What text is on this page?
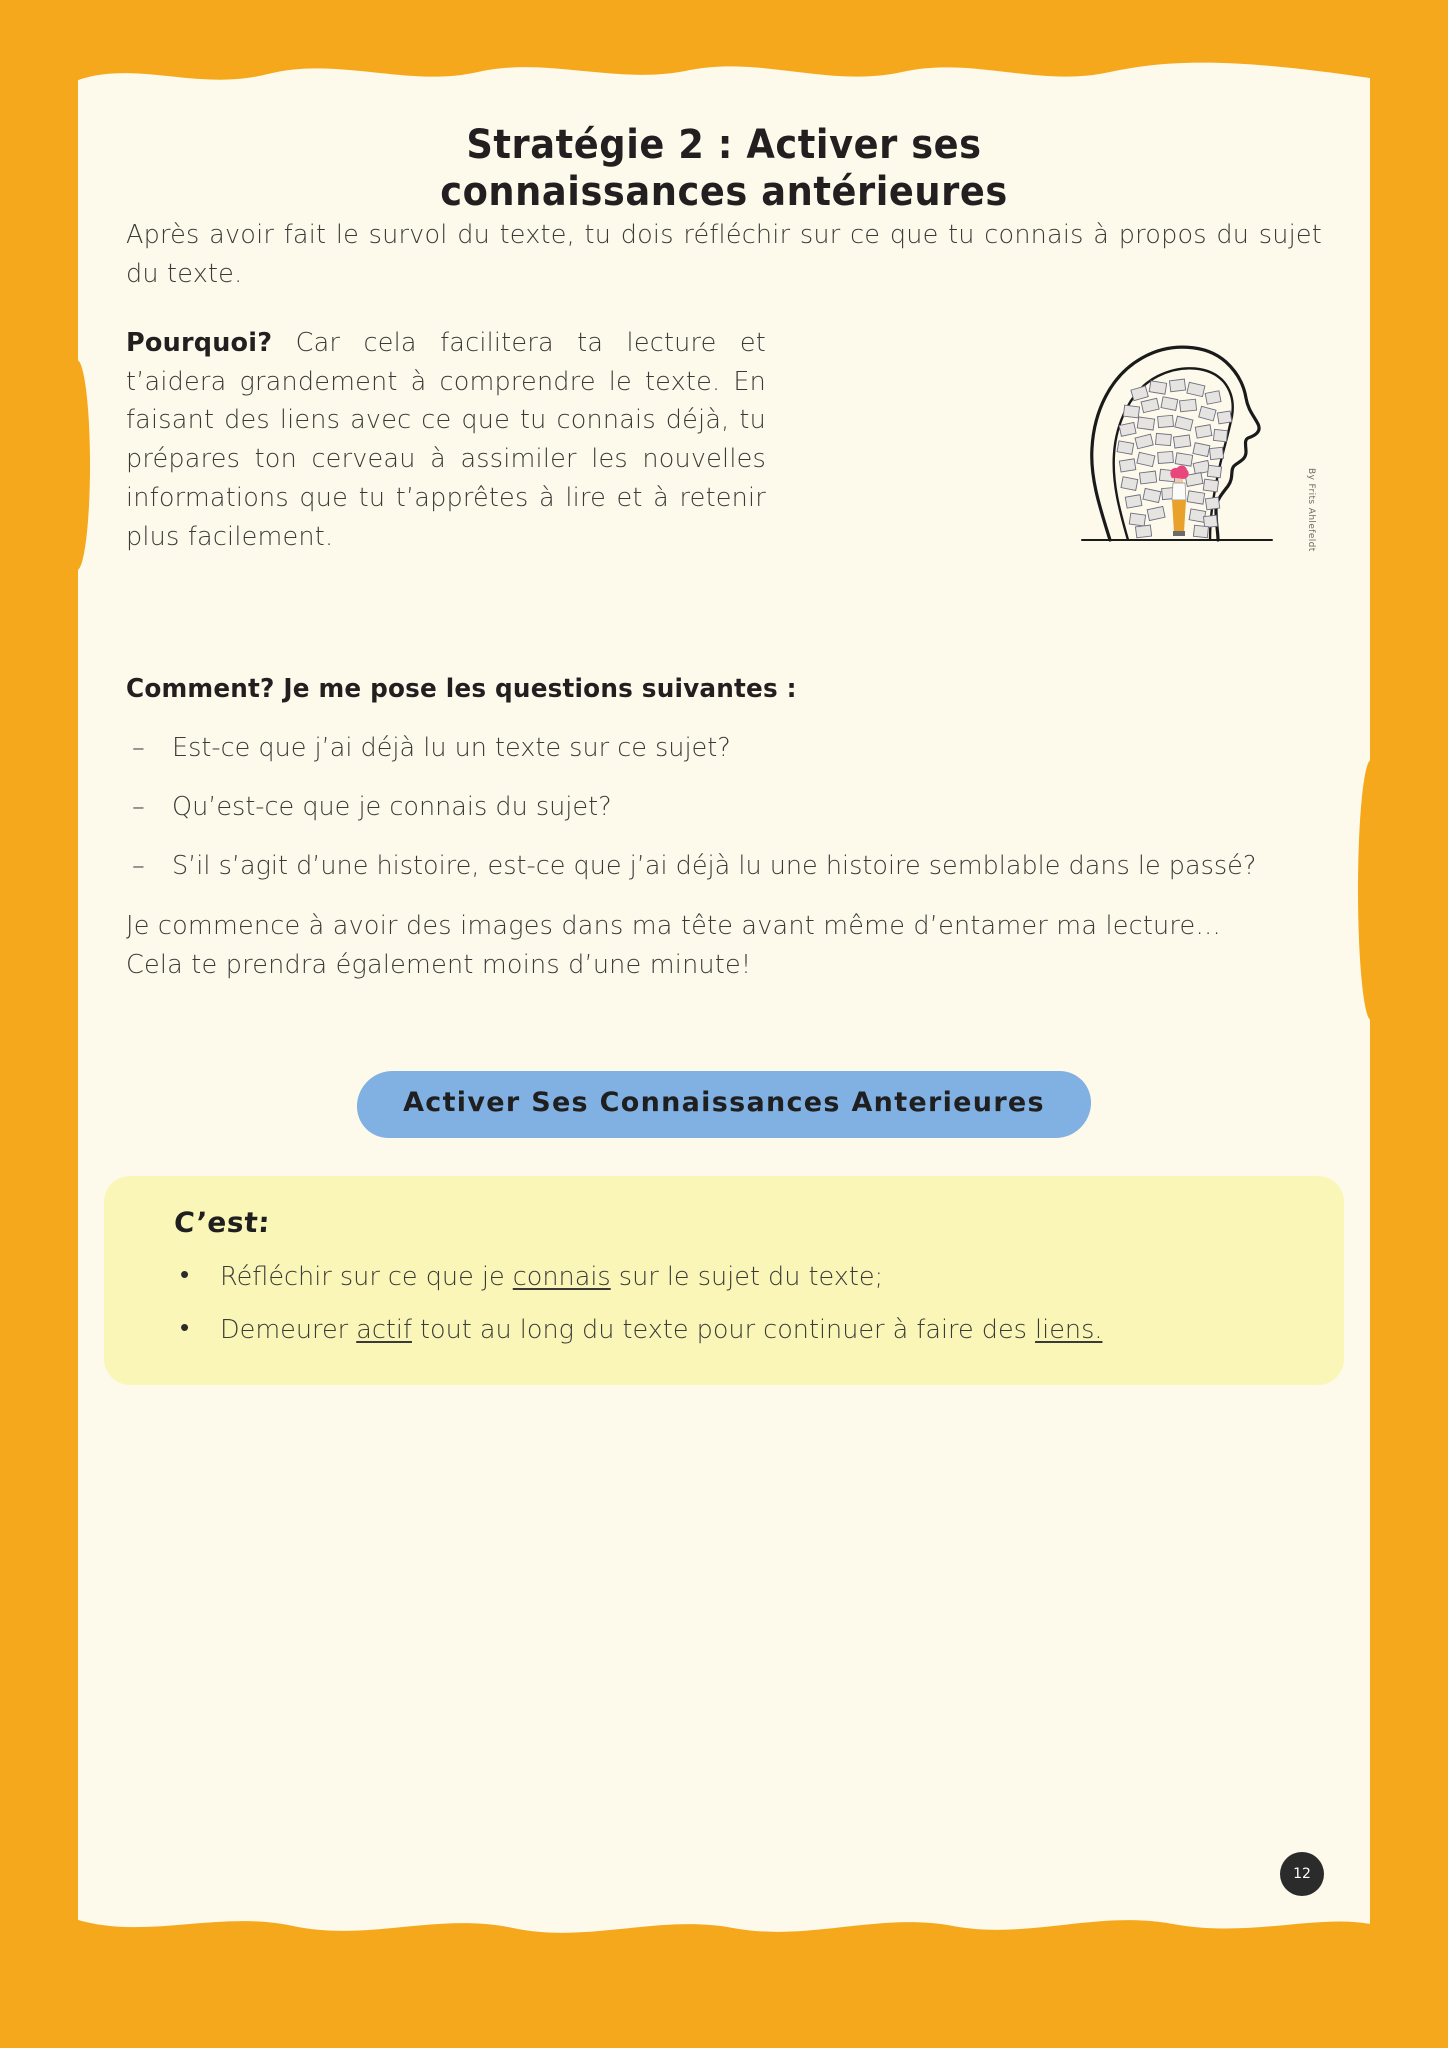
Stratégie 2 : Activer ses
connaissances antérieures

Après avoir fait le survol du texte, tu dois réfléchir sur ce que tu connais à propos du sujet du texte.

By Frits Ahlefeldt

Pourquoi? Car cela facilitera ta lecture et t’aidera grandement à comprendre le texte. En faisant des liens avec ce que tu connais déjà, tu prépares ton cerveau à assimiler les nouvelles informations que tu t’apprêtes à lire et à retenir plus facilement.

Comment? Je me pose les questions suivantes :
– Est-ce que j’ai déjà lu un texte sur ce sujet?
– Qu’est-ce que je connais du sujet?
– S’il s’agit d’une histoire, est-ce que j’ai déjà lu une histoire semblable dans le passé?

Je commence à avoir des images dans ma tête avant même d’entamer ma lecture…

Cela te prendra également moins d’une minute!

Activer Ses Connaissances Anterieures
C’est:
• Réfléchir sur ce que je connais sur le sujet du texte;
• Demeurer actif tout au long du texte pour continuer à faire des liens.
12
